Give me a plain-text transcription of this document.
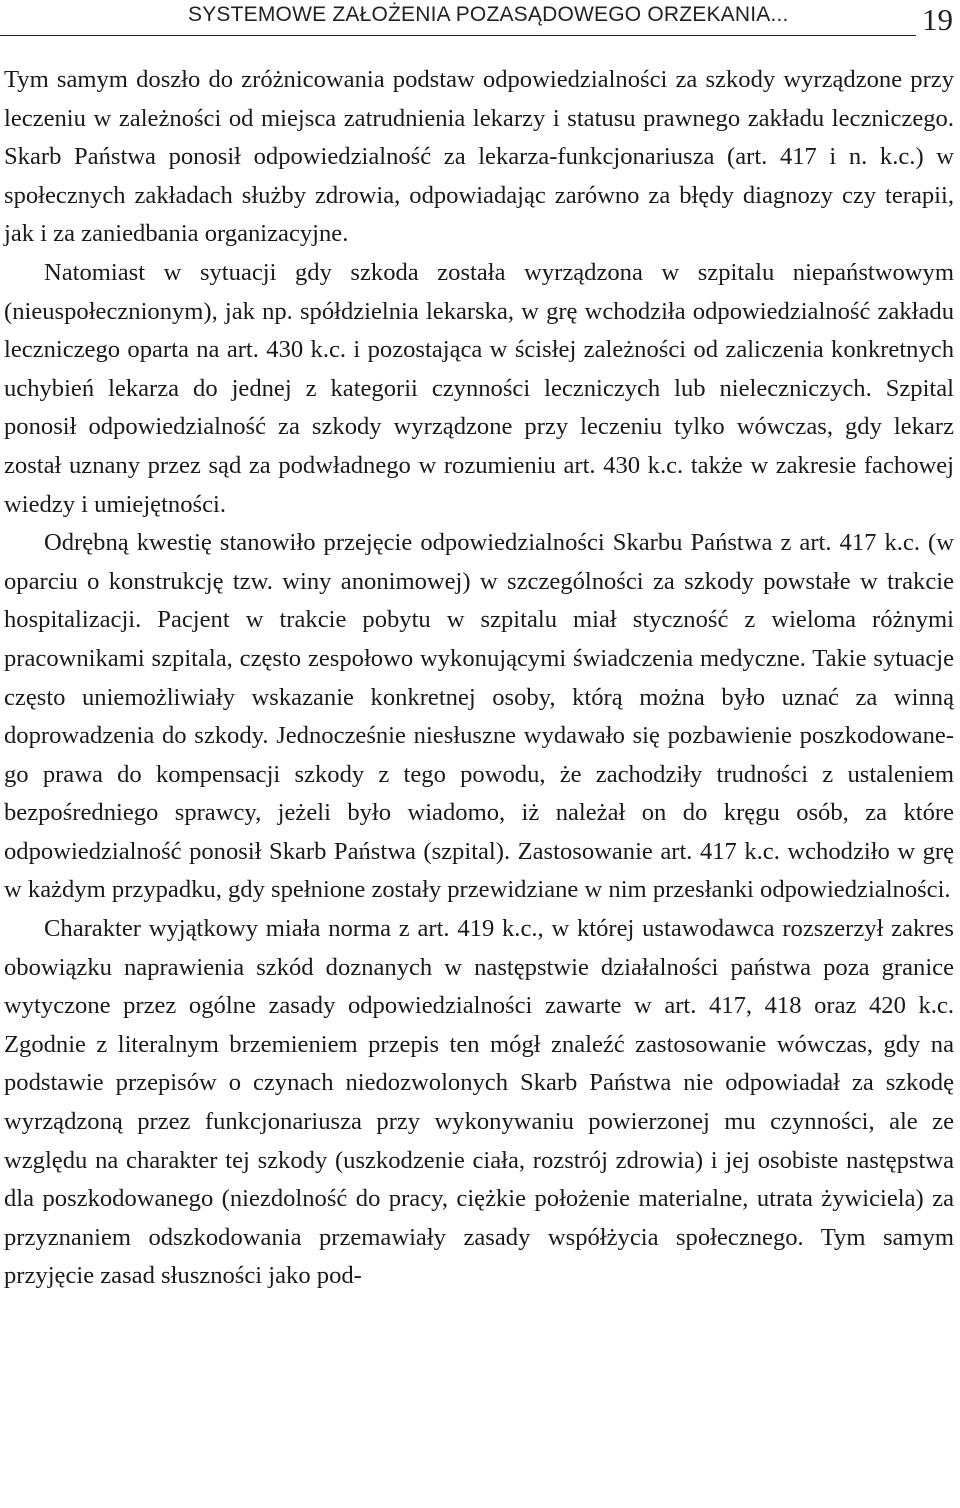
SYSTEMOWE ZAŁOŻENIA POZASĄDOWEGO ORZEKANIA...	19

Tym samym doszło do zróżnicowania podstaw odpowiedzialności za szkody wyrządzone przy leczeniu w zależności od miejsca zatrudnienia lekarzy i statusu prawnego zakładu leczniczego. Skarb Państwa ponosił odpowiedzialność za lekarza-funkcjonariusza (art. 417 i n. k.c.) w społecznych zakładach służby zdrowia, odpowiadając zarówno za błędy diagnozy czy terapii, jak i za zaniedbania organizacyjne.

Natomiast w sytuacji gdy szkoda została wyrządzona w szpitalu niepaństwowym (nieuspołecznionym), jak np. spółdzielnia lekarska, w grę wchodziła odpowiedzialność zakładu leczniczego oparta na art. 430 k.c. i pozostająca w ścisłej zależności od zaliczenia konkretnych uchybień lekarza do jednej z kategorii czynności leczniczych lub nieleczniczych. Szpital ponosił odpowiedzialność za szkody wyrządzone przy leczeniu tylko wówczas, gdy lekarz został uznany przez sąd za podwładnego w rozumieniu art. 430 k.c. także w zakresie fachowej wiedzy i umiejętności.

Odrębną kwestię stanowiło przejęcie odpowiedzialności Skarbu Państwa z art. 417 k.c. (w oparciu o konstrukcję tzw. winy anonimowej) w szczególności za szkody powstałe w trakcie hospitalizacji. Pacjent w trakcie pobytu w szpitalu miał styczność z wieloma różnymi pracownikami szpitala, często zespołowo wykonującymi świadczenia medyczne. Takie sytuacje często uniemożliwiały wskazanie konkretnej osoby, którą można było uznać za winną doprowadzenia do szkody. Jednocześnie niesłuszne wydawało się pozbawienie poszkodowanego prawa do kompensacji szkody z tego powodu, że zachodziły trudności z ustaleniem bezpośredniego sprawcy, jeżeli było wiadomo, iż należał on do kręgu osób, za które odpowiedzialność ponosił Skarb Państwa (szpital). Zastosowanie art. 417 k.c. wchodziło w grę w każdym przypadku, gdy spełnione zostały przewidziane w nim przesłanki odpowiedzialności.

Charakter wyjątkowy miała norma z art. 419 k.c., w której ustawodawca rozszerzył zakres obowiązku naprawienia szkód doznanych w następstwie działalności państwa poza granice wytyczone przez ogólne zasady odpowiedzialności zawarte w art. 417, 418 oraz 420 k.c. Zgodnie z literalnym brzemieniem przepis ten mógł znaleźć zastosowanie wówczas, gdy na podstawie przepisów o czynach niedozwolonych Skarb Państwa nie odpowiadał za szkodę wyrządzoną przez funkcjonariusza przy wykonywaniu powierzonej mu czynności, ale ze względu na charakter tej szkody (uszkodzenie ciała, rozstrój zdrowia) i jej osobiste następstwa dla poszkodowanego (niezdolność do pracy, ciężkie położenie materialne, utrata żywiciela) za przyznaniem odszkodowania przemawiały zasady współżycia społecznego. Tym samym przyjęcie zasad słuszności jako pod-
